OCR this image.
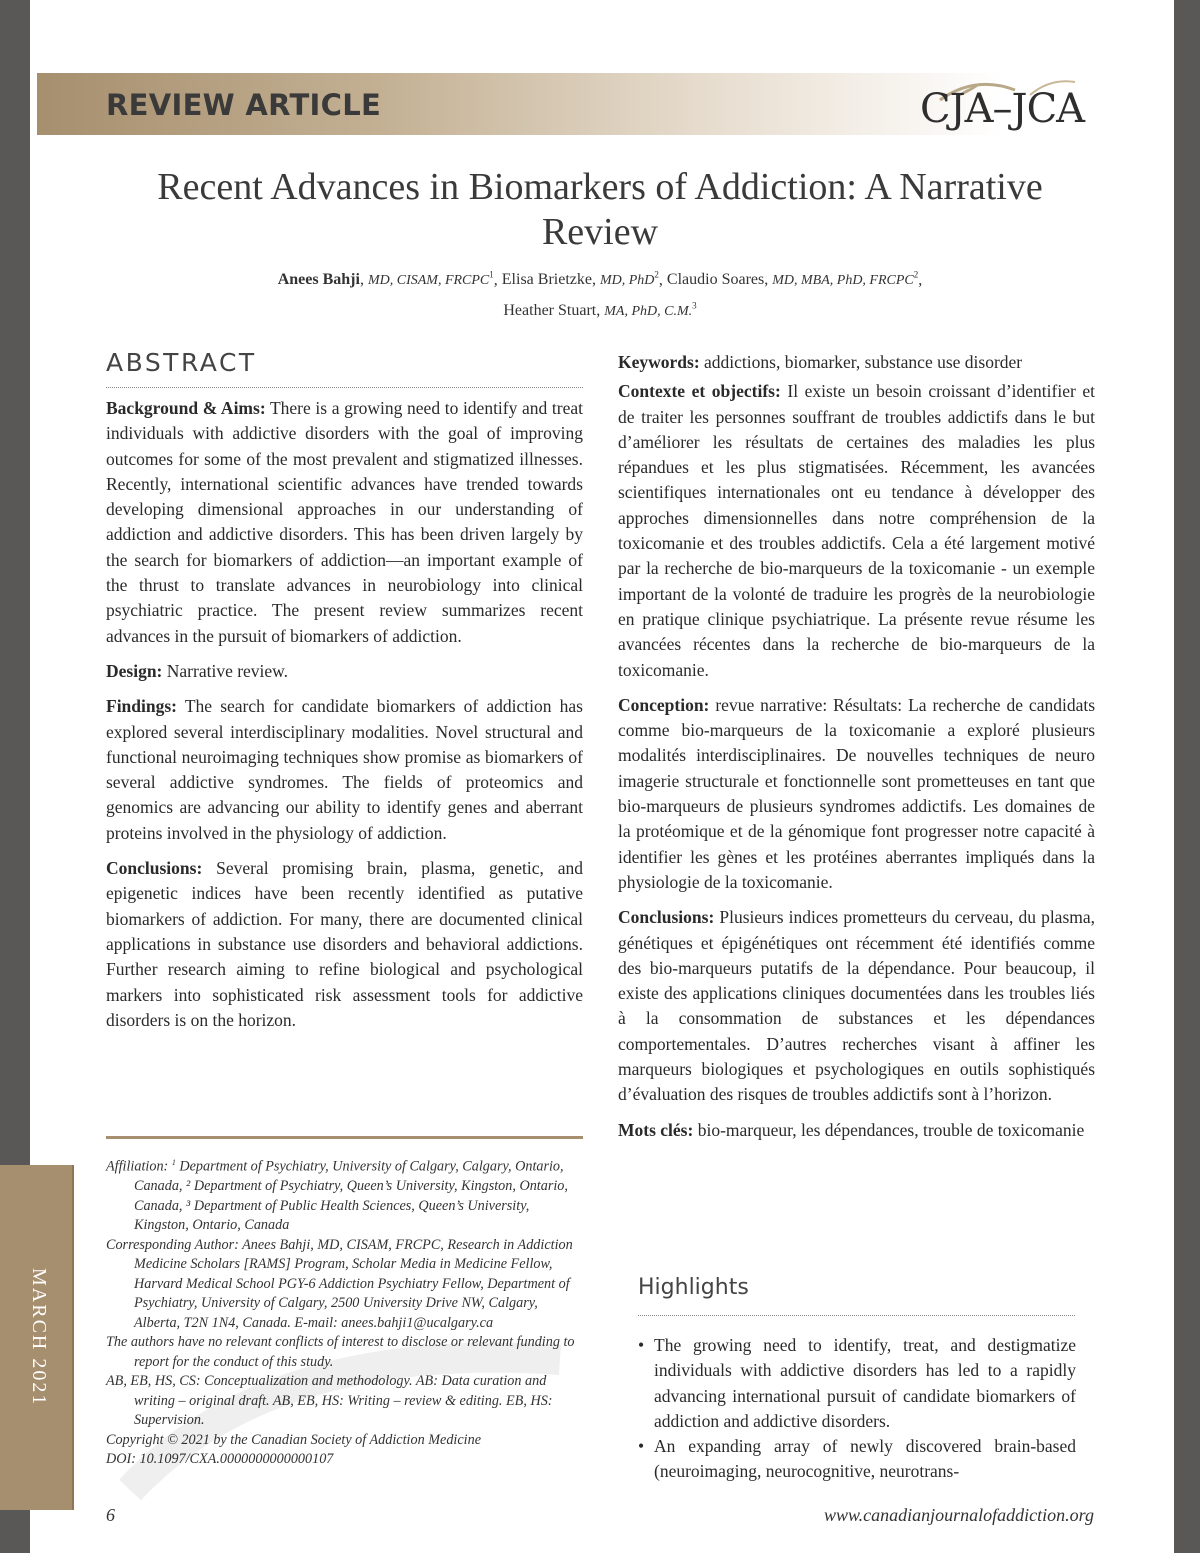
MARCH 2021
REVIEW ARTICLE	CJA–JCA
Recent Advances in Biomarkers of Addiction: A Narrative Review
Anees Bahji, MD, CISAM, FRCPC$^1$, Elisa Brietzke, MD, PhD$^2$, Claudio Soares, MD, MBA, PhD, FRCPC$^2$,
Heather Stuart, MA, PhD, C.M.$^3$
ABSTRACT

Background & Aims: There is a growing need to identify and treat individuals with addictive disorders with the goal of improving outcomes for some of the most prevalent and stigmatized illnesses. Recently, international scientific advances have trended towards developing dimensional approaches in our understanding of addiction and addictive disorders. This has been driven largely by the search for biomarkers of addiction—an important example of the thrust to translate advances in neurobiology into clinical psychiatric practice. The present review summarizes recent advances in the pursuit of biomarkers of addiction.

Design: Narrative review.

Findings: The search for candidate biomarkers of addiction has explored several interdisciplinary modalities. Novel structural and functional neuroimaging techniques show promise as biomarkers of several addictive syndromes. The fields of proteomics and genomics are advancing our ability to identify genes and aberrant proteins involved in the physiology of addiction.

Conclusions: Several promising brain, plasma, genetic, and epigenetic indices have been recently identified as putative biomarkers of addiction. For many, there are documented clinical applications in substance use disorders and behavioral addictions. Further research aiming to refine biological and psychological markers into sophisticated risk assessment tools for addictive disorders is on the horizon.

Keywords: addictions, biomarker, substance use disorder

Contexte et objectifs: Il existe un besoin croissant d’identifier et de traiter les personnes souffrant de troubles addictifs dans le but d’améliorer les résultats de certaines des maladies les plus répandues et les plus stigmatisées. Récemment, les avancées scientifiques internationales ont eu tendance à développer des approches dimensionnelles dans notre compréhension de la toxicomanie et des troubles addictifs. Cela a été largement motivé par la recherche de bio-marqueurs de la toxicomanie - un exemple important de la volonté de traduire les progrès de la neurobiologie en pratique clinique psychiatrique. La présente revue résume les avancées récentes dans la recherche de bio-marqueurs de la toxicomanie.

Conception: revue narrative: Résultats: La recherche de candidats comme bio-marqueurs de la toxicomanie a exploré plusieurs modalités interdisciplinaires. De nouvelles techniques de neuro imagerie structurale et fonctionnelle sont prometteuses en tant que bio-marqueurs de plusieurs syndromes addictifs. Les domaines de la protéomique et de la génomique font progresser notre capacité à identifier les gènes et les protéines aberrantes impliqués dans la physiologie de la toxicomanie.

Conclusions: Plusieurs indices prometteurs du cerveau, du plasma, génétiques et épigénétiques ont récemment été identifiés comme des bio-marqueurs putatifs de la dépendance. Pour beaucoup, il existe des applications cliniques documentées dans les troubles liés à la consommation de substances et les dépendances comportementales. D’autres recherches visant à affiner les marqueurs biologiques et psychologiques en outils sophistiqués d’évaluation des risques de troubles addictifs sont à l’horizon.

Mots clés: bio-marqueur, les dépendances, trouble de toxicomanie

Affiliation: $^1$ Department of Psychiatry, University of Calgary, Calgary, Ontario, Canada, ² Department of Psychiatry, Queen’s University, Kingston, Ontario, Canada, ³ Department of Public Health Sciences, Queen’s University, Kingston, Ontario, Canada
Corresponding Author: Anees Bahji, MD, CISAM, FRCPC, Research in Addiction Medicine Scholars [RAMS] Program, Scholar Media in Medicine Fellow, Harvard Medical School PGY-6 Addiction Psychiatry Fellow, Department of Psychiatry, University of Calgary, 2500 University Drive NW, Calgary, Alberta, T2N 1N4, Canada. E-mail: anees.bahji1@ucalgary.ca
The authors have no relevant conflicts of interest to disclose or relevant funding to report for the conduct of this study.
AB, EB, HS, CS: Conceptualization and methodology. AB: Data curation and writing – original draft. AB, EB, HS: Writing – review & editing. EB, HS: Supervision.
Copyright © 2021 by the Canadian Society of Addiction Medicine
DOI: 10.1097/CXA.0000000000000107
Highlights
• The growing need to identify, treat, and destigmatize individuals with addictive disorders has led to a rapidly advancing international pursuit of candidate biomarkers of addiction and addictive disorders.
• An expanding array of newly discovered brain-based (neuroimaging, neurocognitive, neurotrans-
6	www.canadianjournalofaddiction.org
